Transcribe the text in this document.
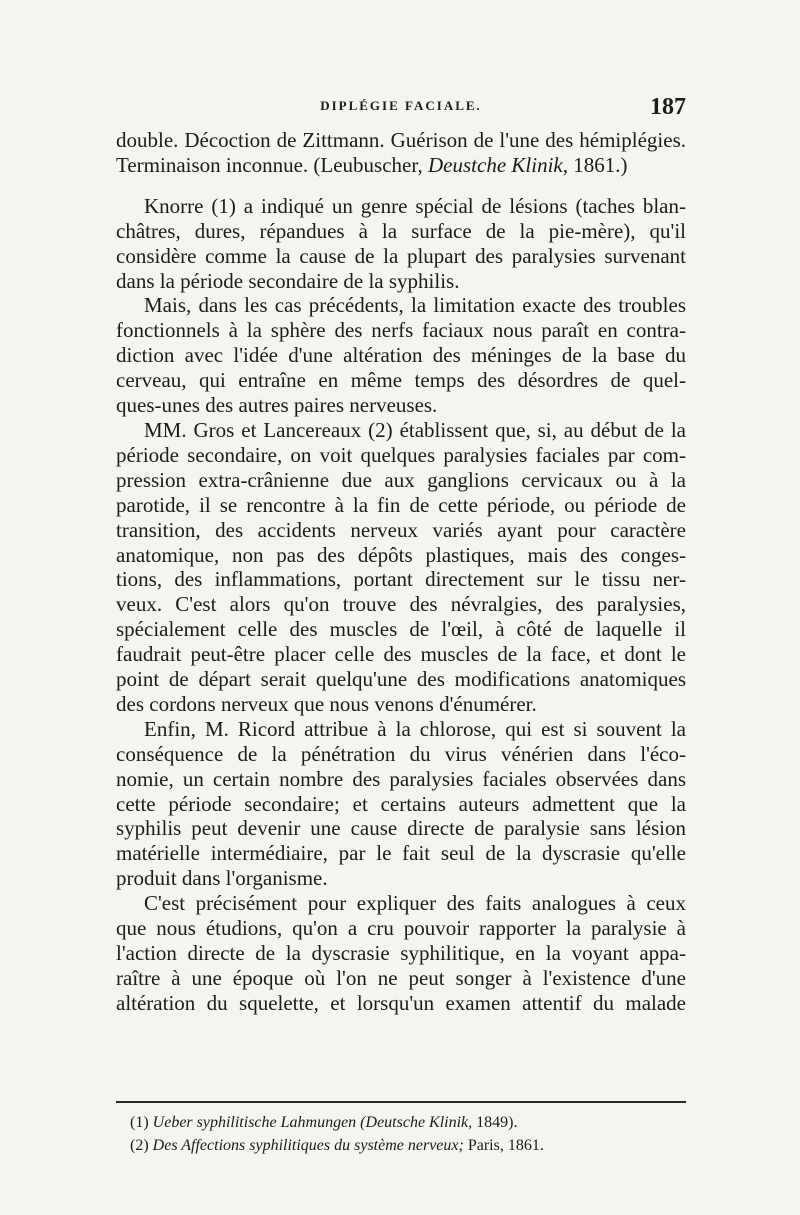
DIPLÉGIE FACIALE.	187
double. Décoction de Zittmann. Guérison de l'une des hémiplégies.
Terminaison inconnue. (Leubuscher, Deustche Klinik, 1861.)
Knorre (1) a indiqué un genre spécial de lésions (taches blan-
châtres, dures, répandues à la surface de la pie-mère), qu'il
considère comme la cause de la plupart des paralysies survenant
dans la période secondaire de la syphilis.
Mais, dans les cas précédents, la limitation exacte des troubles
fonctionnels à la sphère des nerfs faciaux nous paraît en contra-
diction avec l'idée d'une altération des méninges de la base du
cerveau, qui entraîne en même temps des désordres de quel-
ques-unes des autres paires nerveuses.
MM. Gros et Lancereaux (2) établissent que, si, au début de la
période secondaire, on voit quelques paralysies faciales par com-
pression extra-crânienne due aux ganglions cervicaux ou à la
parotide, il se rencontre à la fin de cette période, ou période de
transition, des accidents nerveux variés ayant pour caractère
anatomique, non pas des dépôts plastiques, mais des conges-
tions, des inflammations, portant directement sur le tissu ner-
veux. C'est alors qu'on trouve des névralgies, des paralysies,
spécialement celle des muscles de l'œil, à côté de laquelle il
faudrait peut-être placer celle des muscles de la face, et dont le
point de départ serait quelqu'une des modifications anatomiques
des cordons nerveux que nous venons d'énumérer.
Enfin, M. Ricord attribue à la chlorose, qui est si souvent la
conséquence de la pénétration du virus vénérien dans l'éco-
nomie, un certain nombre des paralysies faciales observées dans
cette période secondaire; et certains auteurs admettent que la
syphilis peut devenir une cause directe de paralysie sans lésion
matérielle intermédiaire, par le fait seul de la dyscrasie qu'elle
produit dans l'organisme.
C'est précisément pour expliquer des faits analogues à ceux
que nous étudions, qu'on a cru pouvoir rapporter la paralysie à
l'action directe de la dyscrasie syphilitique, en la voyant appa-
raître à une époque où l'on ne peut songer à l'existence d'une
altération du squelette, et lorsqu'un examen attentif du malade
(1) Ueber syphilitische Lahmungen (Deutsche Klinik, 1849).
(2) Des Affections syphilitiques du système nerveux; Paris, 1861.
